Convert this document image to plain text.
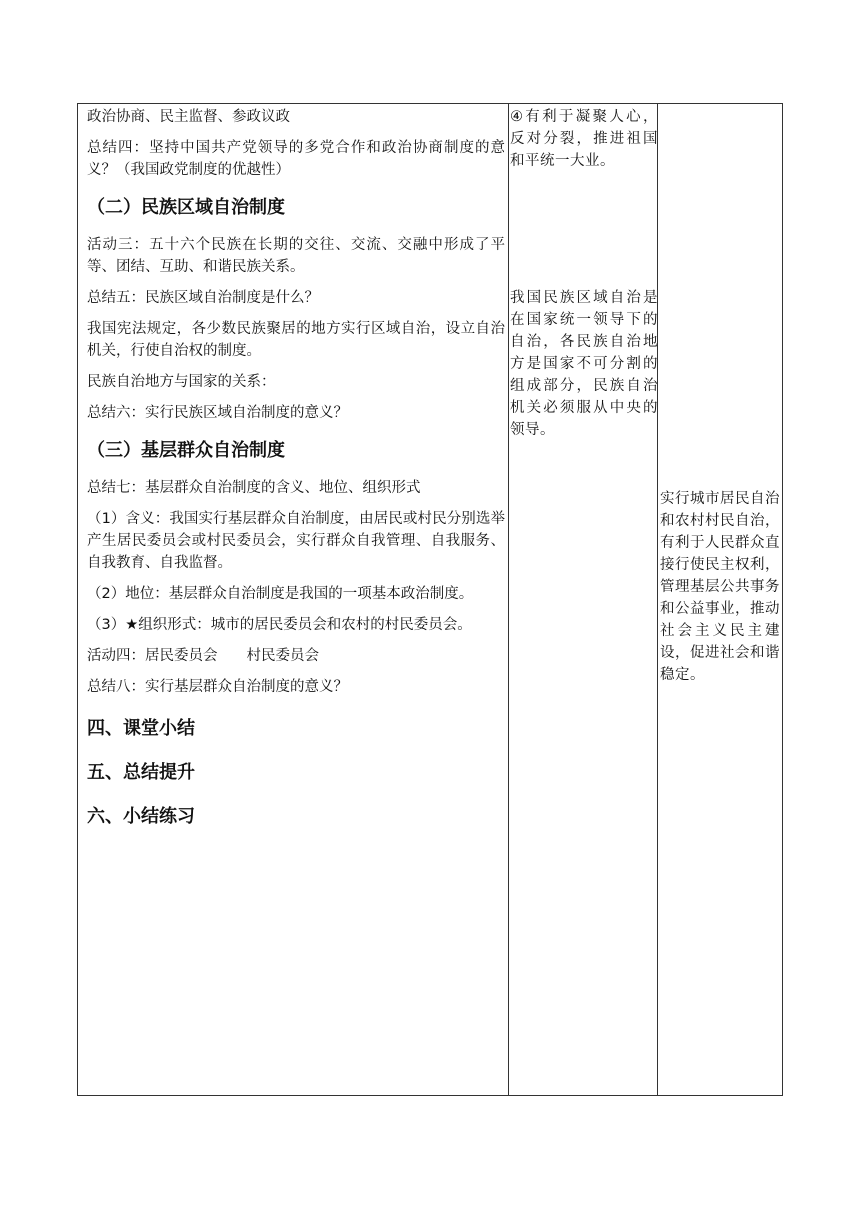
政治协商、民主监督、参政议政

总结四：坚持中国共产党领导的多党合作和政治协商制度的意义？（我国政党制度的优越性）

（二）民族区域自治制度

活动三：五十六个民族在长期的交往、交流、交融中形成了平等、团结、互助、和谐民族关系。

总结五：民族区域自治制度是什么？

我国宪法规定，各少数民族聚居的地方实行区域自治，设立自治机关，行使自治权的制度。

民族自治地方与国家的关系：

总结六：实行民族区域自治制度的意义？

（三）基层群众自治制度

总结七：基层群众自治制度的含义、地位、组织形式

（1）含义：我国实行基层群众自治制度，由居民或村民分别选举产生居民委员会或村民委员会，实行群众自我管理、自我服务、自我教育、自我监督。

（2）地位：基层群众自治制度是我国的一项基本政治制度。

（3）★组织形式：城市的居民委员会和农村的村民委员会。

活动四：居民委员会　　村民委员会

总结八：实行基层群众自治制度的意义？

四、课堂小结

五、总结提升

六、小结练习

④有利于凝聚人心，反对分裂，推进祖国和平统一大业。

我国民族区域自治是在国家统一领导下的自治，各民族自治地方是国家不可分割的组成部分，民族自治机关必须服从中央的领导。

实行城市居民自治和农村村民自治，有利于人民群众直接行使民主权利，管理基层公共事务和公益事业，推动社会主义民主建设，促进社会和谐稳定。
